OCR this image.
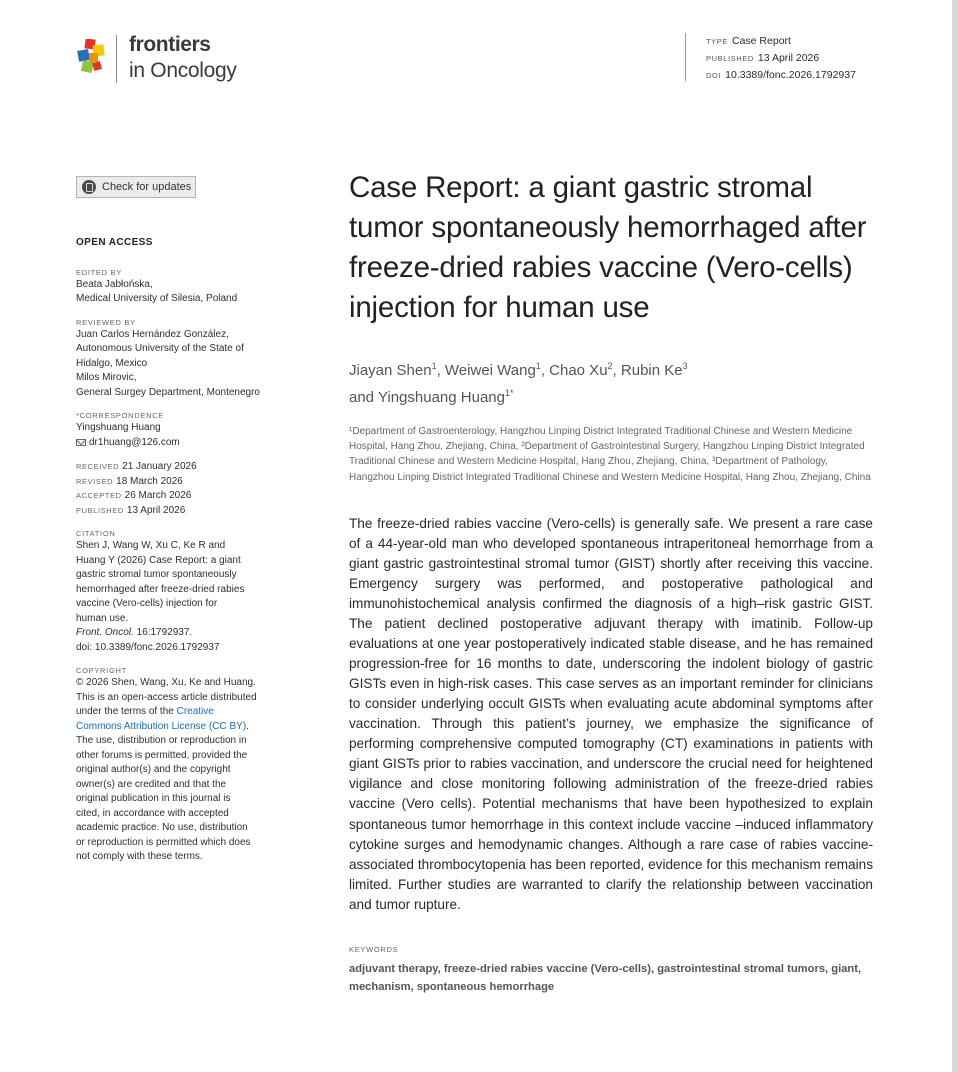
frontiers
in Oncology
TYPE Case Report
PUBLISHED 13 April 2026
DOI 10.3389/fonc.2026.1792937
Check for updates
OPEN ACCESS
EDITED BY
Beata Jabłońska,
Medical University of Silesia, Poland
REVIEWED BY
Juan Carlos Hernández González,
Autonomous University of the State of
Hidalgo, Mexico
Milos Mirovic,
General Surgey Department, Montenegro
*CORRESPONDENCE
Yingshuang Huang
dr1huang@126.com
RECEIVED 21 January 2026
REVISED 18 March 2026
ACCEPTED 26 March 2026
PUBLISHED 13 April 2026
CITATION
Shen J, Wang W, Xu C, Ke R and
Huang Y (2026) Case Report: a giant
gastric stromal tumor spontaneously
hemorrhaged after freeze-dried rabies
vaccine (Vero-cells) injection for
human use.
Front. Oncol. 16:1792937.
doi: 10.3389/fonc.2026.1792937
COPYRIGHT
© 2026 Shen, Wang, Xu, Ke and Huang.
This is an open-access article distributed
under the terms of the Creative
Commons Attribution License (CC BY).
The use, distribution or reproduction in
other forums is permitted, provided the
original author(s) and the copyright
owner(s) are credited and that the
original publication in this journal is
cited, in accordance with accepted
academic practice. No use, distribution
or reproduction is permitted which does
not comply with these terms.
Case Report: a giant gastric stromal tumor spontaneously hemorrhaged after freeze-dried rabies vaccine (Vero-cells) injection for human use
Jiayan Shen$^1$, Weiwei Wang$^1$, Chao Xu$^2$, Rubin Ke$^3$
and Yingshuang Huang$^{1*}$
¹Department of Gastroenterology, Hangzhou Linping District Integrated Traditional Chinese and Western Medicine Hospital, Hang Zhou, Zhejiang, China, ²Department of Gastrointestinal Surgery, Hangzhou Linping District Integrated Traditional Chinese and Western Medicine Hospital, Hang Zhou, Zhejiang, China, ³Department of Pathology, Hangzhou Linping District Integrated Traditional Chinese and Western Medicine Hospital, Hang Zhou, Zhejiang, China
The freeze-dried rabies vaccine (Vero-cells) is generally safe. We present a rare case of a 44-year-old man who developed spontaneous intraperitoneal hemorrhage from a giant gastric gastrointestinal stromal tumor (GIST) shortly after receiving this vaccine. Emergency surgery was performed, and postoperative pathological and immunohistochemical analysis confirmed the diagnosis of a high–risk gastric GIST. The patient declined postoperative adjuvant therapy with imatinib. Follow-up evaluations at one year postoperatively indicated stable disease, and he has remained progression-free for 16 months to date, underscoring the indolent biology of gastric GISTs even in high-risk cases. This case serves as an important reminder for clinicians to consider underlying occult GISTs when evaluating acute abdominal symptoms after vaccination. Through this patient’s journey, we emphasize the significance of performing comprehensive computed tomography (CT) examinations in patients with giant GISTs prior to rabies vaccination, and underscore the crucial need for heightened vigilance and close monitoring following administration of the freeze-dried rabies vaccine (Vero cells). Potential mechanisms that have been hypothesized to explain spontaneous tumor hemorrhage in this context include vaccine –induced inflammatory cytokine surges and hemodynamic changes. Although a rare case of rabies vaccine-associated thrombocytopenia has been reported, evidence for this mechanism remains limited. Further studies are warranted to clarify the relationship between vaccination and tumor rupture.
KEYWORDS
adjuvant therapy, freeze-dried rabies vaccine (Vero-cells), gastrointestinal stromal tumors, giant, mechanism, spontaneous hemorrhage
